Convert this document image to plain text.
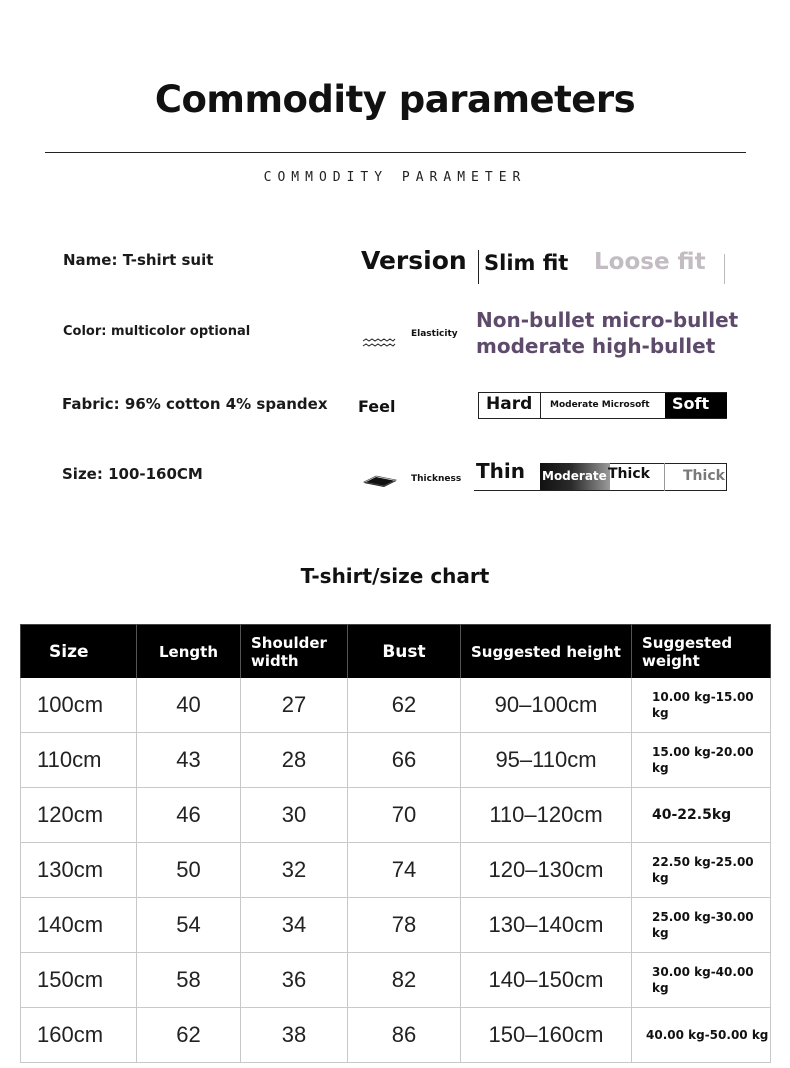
Commodity parameters
COMMODITY PARAMETER
Name: T-shirt suit
Color: multicolor optional
Fabric: 96% cotton 4% spandex
Size: 100-160CM
Version Slim fit Loose fit
Elasticity
Non-bullet micro-bullet
moderate high-bullet
Feel	Hard	Moderate Microsoft	Soft
Thickness Thin Moderate Thick Thick
T-shirt/size chart
Size	Length	Shoulder width	Bust	Suggested height	Suggested weight
100cm	40	27	62	90–100cm	10.00 kg-15.00 kg
110cm	43	28	66	95–110cm	15.00 kg-20.00 kg
120cm	46	30	70	110–120cm	40-22.5kg
130cm	50	32	74	120–130cm	22.50 kg-25.00 kg
140cm	54	34	78	130–140cm	25.00 kg-30.00 kg
150cm	58	36	82	140–150cm	30.00 kg-40.00 kg
160cm	62	38	86	150–160cm	40.00 kg-50.00 kg
